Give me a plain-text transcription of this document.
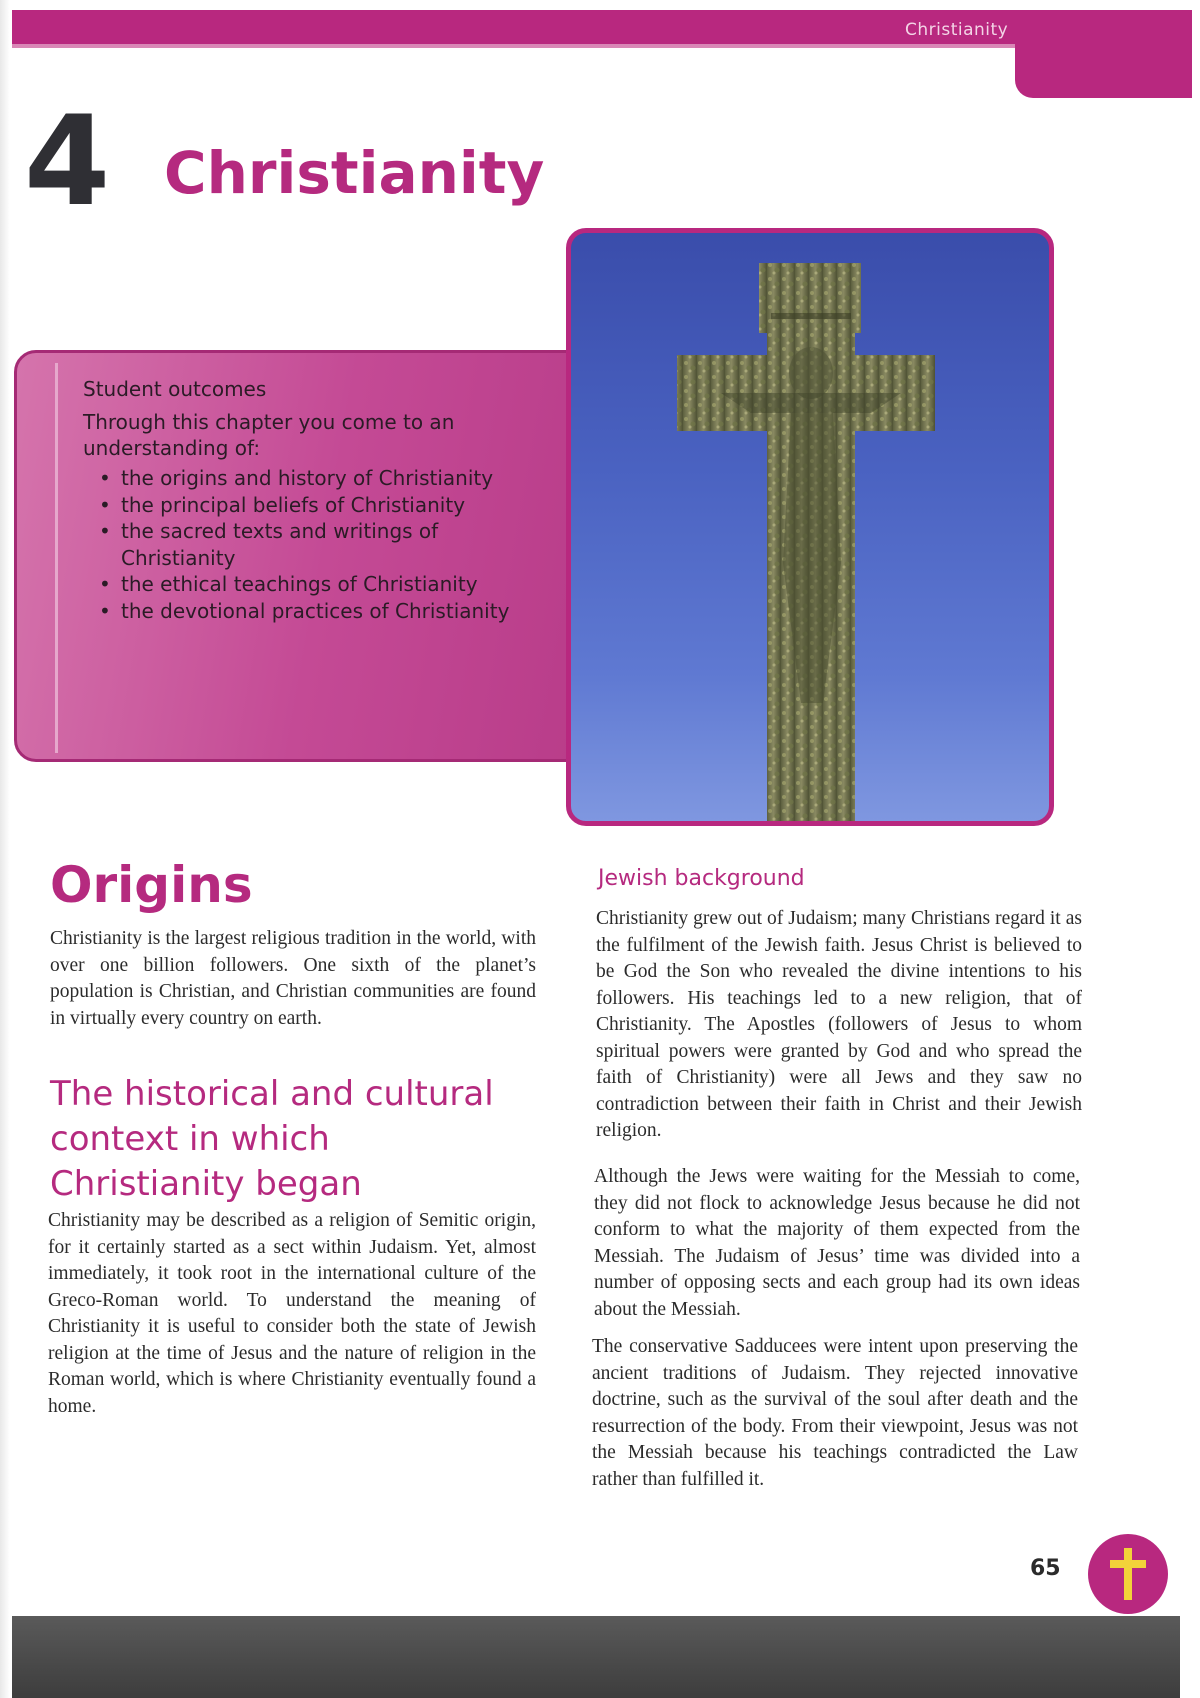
Christianity
4 Christianity
Student outcomes
Through this chapter you come to an understanding of:
• the origins and history of Christianity
• the principal beliefs of Christianity
• the sacred texts and writings of Christianity
• the ethical teachings of Christianity
• the devotional practices of Christianity
Origins

Christianity is the largest religious tradition in the world, with over one billion followers. One sixth of the planet’s population is Christian, and Christian communities are found in virtually every country on earth.

The historical and cultural context in which Christianity began

Christianity may be described as a religion of Semitic origin, for it certainly started as a sect within Judaism. Yet, almost immediately, it took root in the international culture of the Greco-Roman world. To understand the meaning of Christianity it is useful to consider both the state of Jewish religion at the time of Jesus and the nature of religion in the Roman world, which is where Christianity eventually found a home.

Jewish background

Christianity grew out of Judaism; many Christians regard it as the fulfilment of the Jewish faith. Jesus Christ is believed to be God the Son who revealed the divine intentions to his followers. His teachings led to a new religion, that of Christianity. The Apostles (followers of Jesus to whom spiritual powers were granted by God and who spread the faith of Christianity) were all Jews and they saw no contradiction between their faith in Christ and their Jewish religion.

Although the Jews were waiting for the Messiah to come, they did not flock to acknowledge Jesus because he did not conform to what the majority of them expected from the Messiah. The Judaism of Jesus’ time was divided into a number of opposing sects and each group had its own ideas about the Messiah.

The conservative Sadducees were intent upon preserving the ancient traditions of Judaism. They rejected innovative doctrine, such as the survival of the soul after death and the resurrection of the body. From their viewpoint, Jesus was not the Messiah because his teachings contradicted the Law rather than fulfilled it.

65
